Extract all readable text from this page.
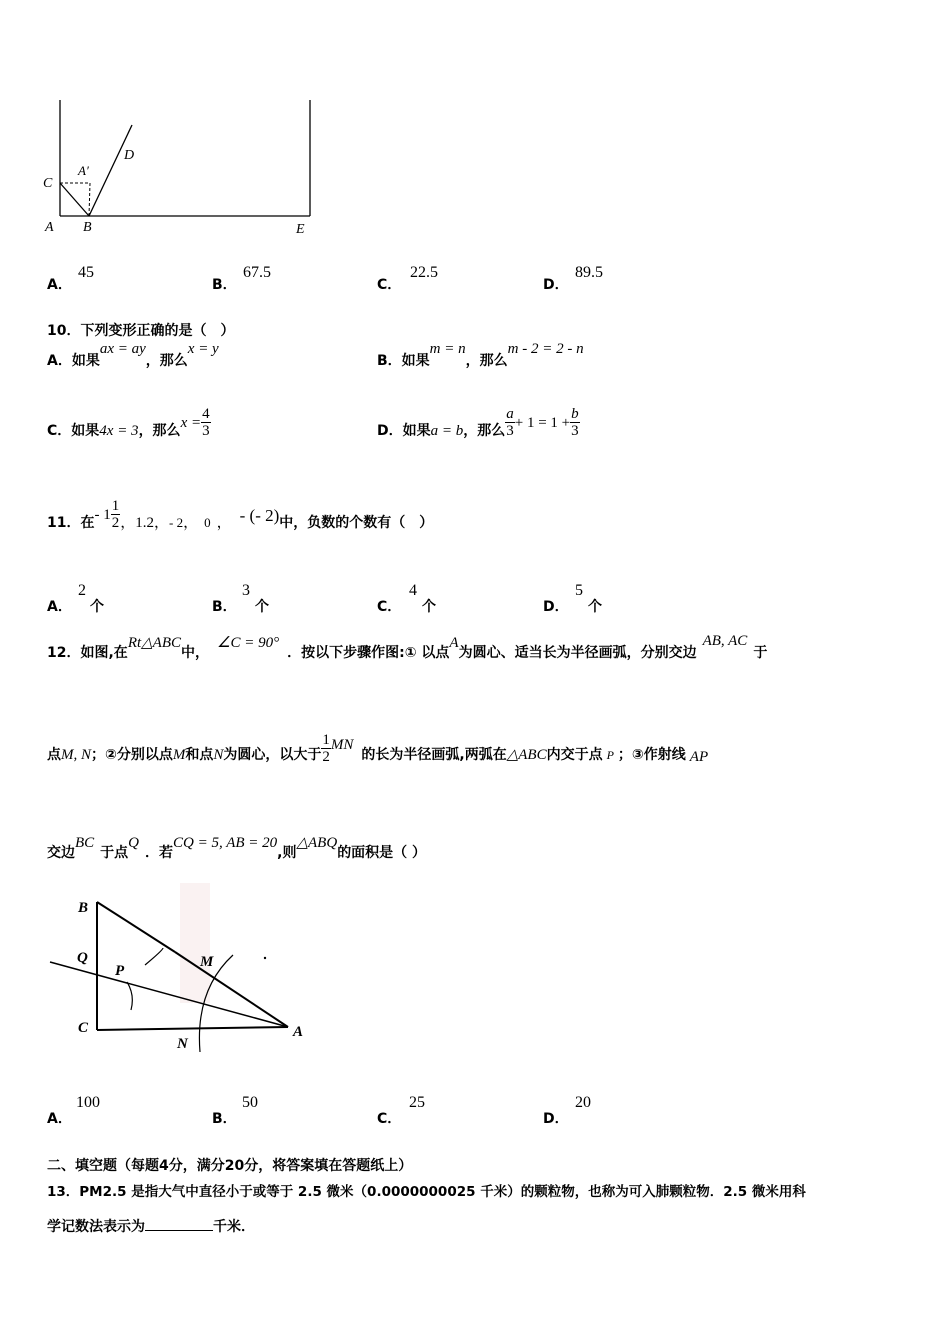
C
A′
D
A B	E
A．
45
B．
67.5
C．
22.5
D．
89.5
10．下列变形正确的是（　）
A．如果ax = ay，那么x = y
B．如果m = n，那么m - 2 = 2 - n
C．如果4x = 3，那么$x = \frac{4}{3}$	D．如果a = b，那么 $\frac{a}{3} + 1 = 1 + \frac{b}{3}$
11．在- $1 \frac{1}{2}$ ，1.2，$_{- 2}$， $_0$ ， - (- 2)中，负数的个数有（　）
A．
2
个	B．
3
个	C．
4
个	D．
5
个
12．如图,在Rt△ABC中，∠C = 90°．按以下步骤作图:① 以点A为圆心、适当长为半径画弧，分别交边AB, AC于
点M, N；②分别以点M和点N为圆心，以大于 $\frac{1}{2}$ MN的长为半径画弧,两弧在△ABC内交于点 P ；③作射线 AP
交边BC于点Q．若CQ = 5, AB = 20,则△ABQ的面积是（ ）
B
Q
P
M
C
N
A
A．
100
B．
50
C．
25
D．
20
二、填空题（每题4分，满分20分，将答案填在答题纸上）
13．PM2.5 是指大气中直径小于或等于 2.5 微米（0.0000000025 千米）的颗粒物，也称为可入肺颗粒物．2.5 微米用科
学记数法表示为	千米．
